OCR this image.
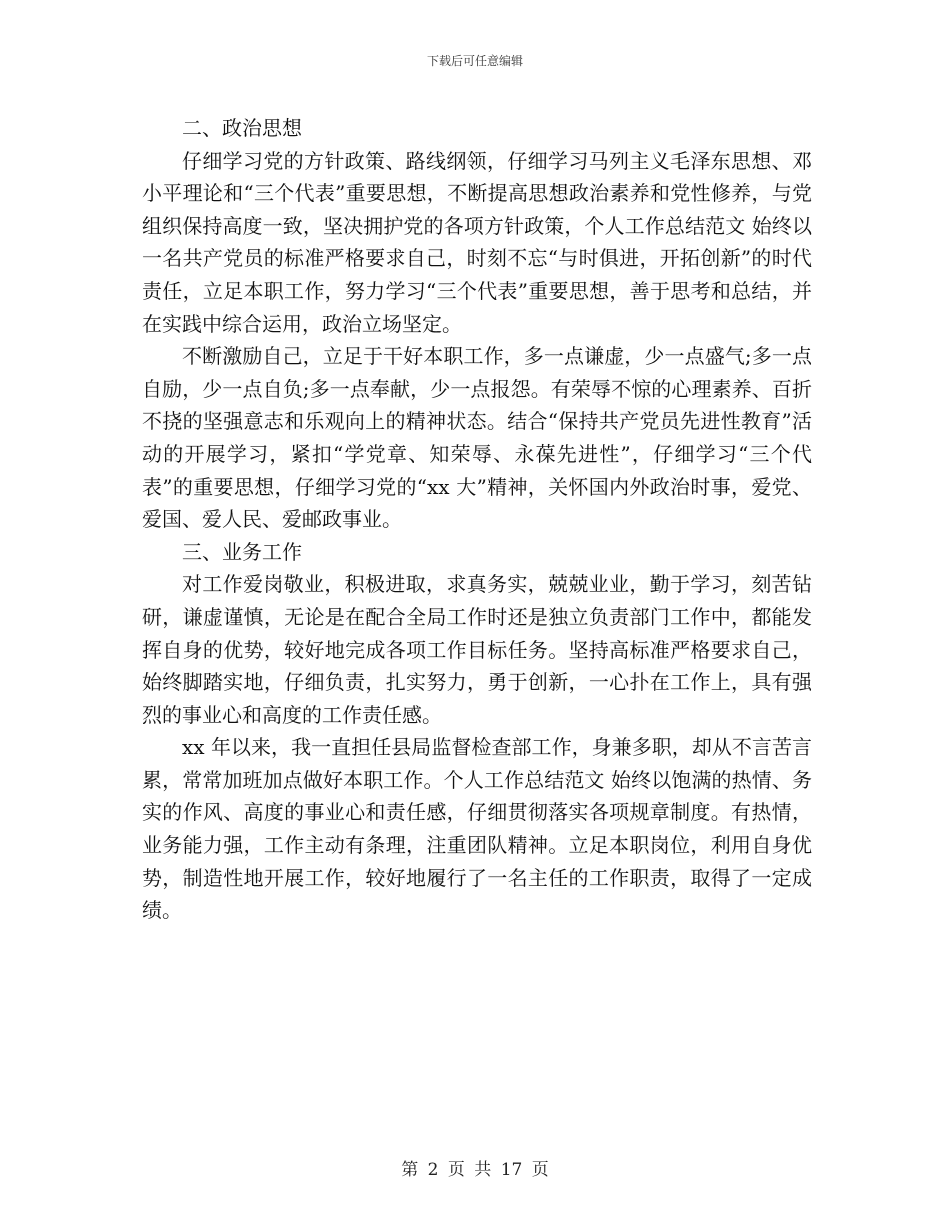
下载后可任意编辑

二、政治思想

仔细学习党的方针政策、路线纲领，仔细学习马列主义毛泽东思想、邓小平理论和“三个代表”重要思想，不断提高思想政治素养和党性修养，与党组织保持高度一致，坚决拥护党的各项方针政策，个人工作总结范文 始终以一名共产党员的标准严格要求自己，时刻不忘“与时俱进，开拓创新”的时代责任，立足本职工作，努力学习“三个代表”重要思想，善于思考和总结，并在实践中综合运用，政治立场坚定。

不断激励自己，立足于干好本职工作，多一点谦虚，少一点盛气;多一点自励，少一点自负;多一点奉献，少一点报怨。有荣辱不惊的心理素养、百折不挠的坚强意志和乐观向上的精神状态。结合“保持共产党员先进性教育”活动的开展学习，紧扣“学党章、知荣辱、永葆先进性”，仔细学习“三个代表”的重要思想，仔细学习党的“xx 大”精神，关怀国内外政治时事，爱党、爱国、爱人民、爱邮政事业。

三、业务工作

对工作爱岗敬业，积极进取，求真务实，兢兢业业，勤于学习，刻苦钻研，谦虚谨慎，无论是在配合全局工作时还是独立负责部门工作中，都能发挥自身的优势，较好地完成各项工作目标任务。坚持高标准严格要求自己，始终脚踏实地，仔细负责，扎实努力，勇于创新，一心扑在工作上，具有强烈的事业心和高度的工作责任感。

xx 年以来，我一直担任县局监督检查部工作，身兼多职，却从不言苦言累，常常加班加点做好本职工作。个人工作总结范文 始终以饱满的热情、务实的作风、高度的事业心和责任感，仔细贯彻落实各项规章制度。有热情，业务能力强，工作主动有条理，注重团队精神。立足本职岗位，利用自身优势，制造性地开展工作，较好地履行了一名主任的工作职责，取得了一定成绩。

第 2 页 共 17 页
